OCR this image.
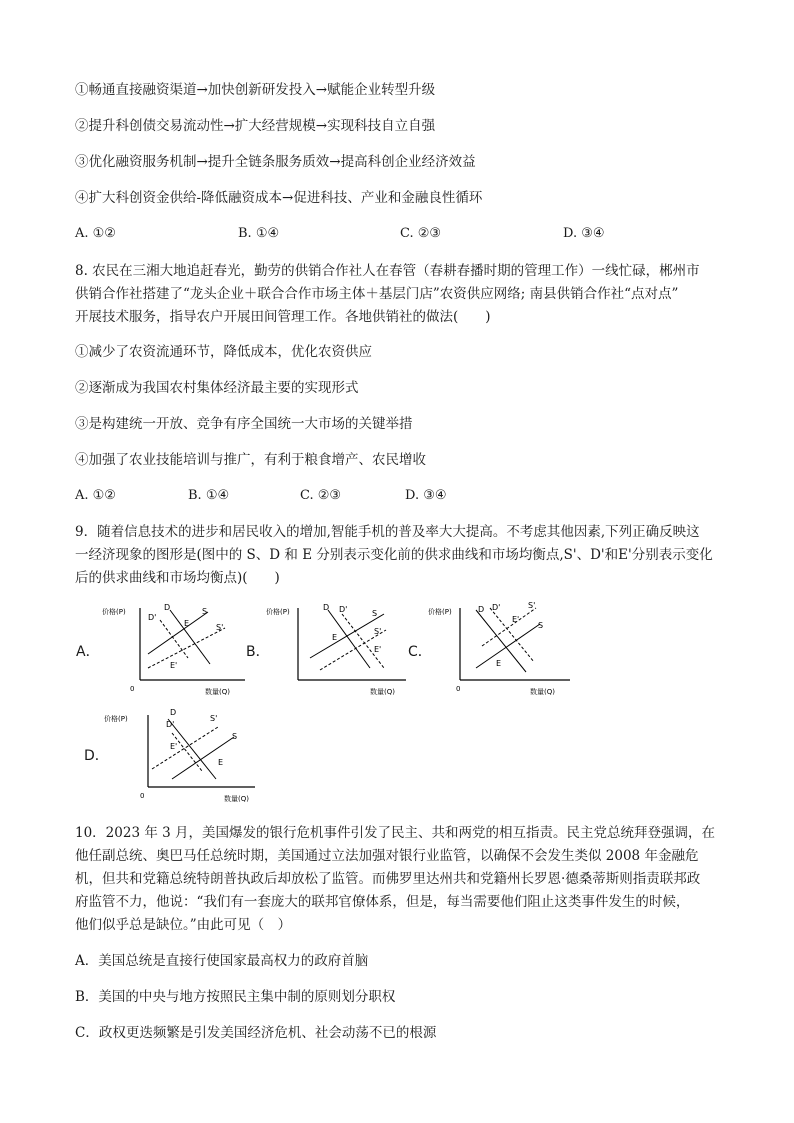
①畅通直接融资渠道→加快创新研发投入→赋能企业转型升级
②提升科创债交易流动性→扩大经营规模→实现科技自立自强
③优化融资服务机制→提升全链条服务质效→提高科创企业经济效益
④扩大科创资金供给-降低融资成本→促进科技、产业和金融良性循环
A. ①②	B. ①④	C. ②③	D. ③④
8. 农民在三湘大地追赶春光，勤劳的供销合作社人在春管（春耕春播时期的管理工作）一线忙碌，郴州市
供销合作社搭建了“龙头企业＋联合合作市场主体＋基层门店”农资供应网络; 南县供销合作社“点对点”
开展技术服务，指导农户开展田间管理工作。各地供销社的做法(　　)
①减少了农资流通环节，降低成本，优化农资供应
②逐渐成为我国农村集体经济最主要的实现形式
③是构建统一开放、竞争有序全国统一大市场的关键举措
④加强了农业技能培训与推广，有利于粮食增产、农民增收
A. ①②	B. ①④	C. ②③	D. ③④
9．随着信息技术的进步和居民收入的增加,智能手机的普及率大大提高。不考虑其他因素,下列正确反映这
一经济现象的图形是(图中的 S、D 和 E 分别表示变化前的供求曲线和市场均衡点,S'、D'和E'分别表示变化
后的供求曲线和市场均衡点)(　　)
A．	B．	C．
D．
价格(P)
数量(Q)
0
D
D'
S
S'
E
E'
价格(P)
数量(Q)
D D'	S
S'
E
E'
价格(P)
数量(Q)
0
D D'
S
S'
E
E'
价格(P)
数量(Q)
0
D
D'
S
S'
E
E'
10．2023 年 3 月，美国爆发的银行危机事件引发了民主、共和两党的相互指责。民主党总统拜登强调，在
他任副总统、奥巴马任总统时期，美国通过立法加强对银行业监管，以确保不会发生类似 2008 年金融危
机，但共和党籍总统特朗普执政后却放松了监管。而佛罗里达州共和党籍州长罗恩·德桑蒂斯则指责联邦政
府监管不力，他说：“我们有一套庞大的联邦官僚体系，但是，每当需要他们阻止这类事件发生的时候，
他们似乎总是缺位。”由此可见（　）
A．美国总统是直接行使国家最高权力的政府首脑
B．美国的中央与地方按照民主集中制的原则划分职权
C．政权更迭频繁是引发美国经济危机、社会动荡不已的根源
